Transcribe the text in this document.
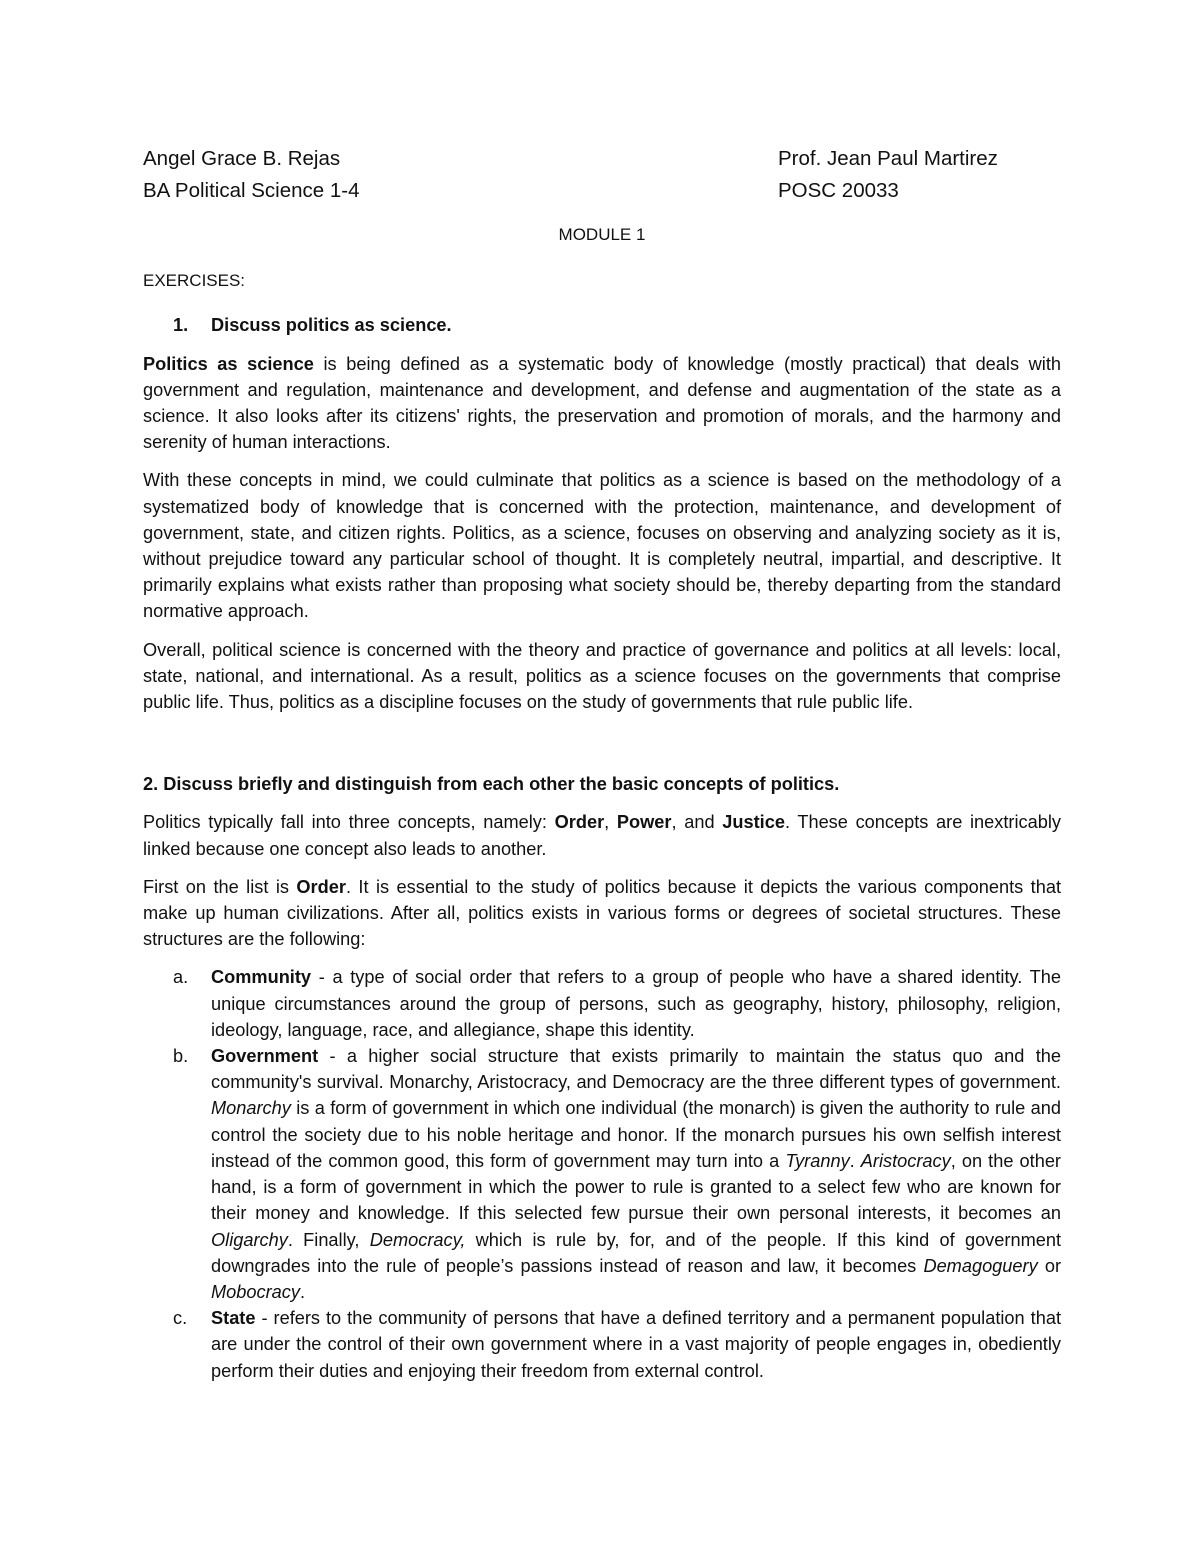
Angel Grace B. Rejas
BA Political Science 1-4
Prof. Jean Paul Martirez
POSC 20033
MODULE 1
EXERCISES:
1.	Discuss politics as science.

Politics as science is being defined as a systematic body of knowledge (mostly practical) that deals with government and regulation, maintenance and development, and defense and augmentation of the state as a science. It also looks after its citizens' rights, the preservation and promotion of morals, and the harmony and serenity of human interactions.

With these concepts in mind, we could culminate that politics as a science is based on the methodology of a systematized body of knowledge that is concerned with the protection, maintenance, and development of government, state, and citizen rights. Politics, as a science, focuses on observing and analyzing society as it is, without prejudice toward any particular school of thought. It is completely neutral, impartial, and descriptive. It primarily explains what exists rather than proposing what society should be, thereby departing from the standard normative approach.

Overall, political science is concerned with the theory and practice of governance and politics at all levels: local, state, national, and international. As a result, politics as a science focuses on the governments that comprise public life. Thus, politics as a discipline focuses on the study of governments that rule public life.

2. Discuss briefly and distinguish from each other the basic concepts of politics.

Politics typically fall into three concepts, namely: Order, Power, and Justice. These concepts are inextricably linked because one concept also leads to another.

First on the list is Order. It is essential to the study of politics because it depicts the various components that make up human civilizations. After all, politics exists in various forms or degrees of societal structures. These structures are the following:

a.	Community - a type of social order that refers to a group of people who have a shared identity. The unique circumstances around the group of persons, such as geography, history, philosophy, religion, ideology, language, race, and allegiance, shape this identity.
b.	Government - a higher social structure that exists primarily to maintain the status quo and the community's survival. Monarchy, Aristocracy, and Democracy are the three different types of government. Monarchy is a form of government in which one individual (the monarch) is given the authority to rule and control the society due to his noble heritage and honor. If the monarch pursues his own selfish interest instead of the common good, this form of government may turn into a Tyranny. Aristocracy, on the other hand, is a form of government in which the power to rule is granted to a select few who are known for their money and knowledge. If this selected few pursue their own personal interests, it becomes an Oligarchy. Finally, Democracy, which is rule by, for, and of the people. If this kind of government downgrades into the rule of people’s passions instead of reason and law, it becomes Demagoguery or Mobocracy.
c.	State - refers to the community of persons that have a defined territory and a permanent population that are under the control of their own government where in a vast majority of people engages in, obediently perform their duties and enjoying their freedom from external control.
